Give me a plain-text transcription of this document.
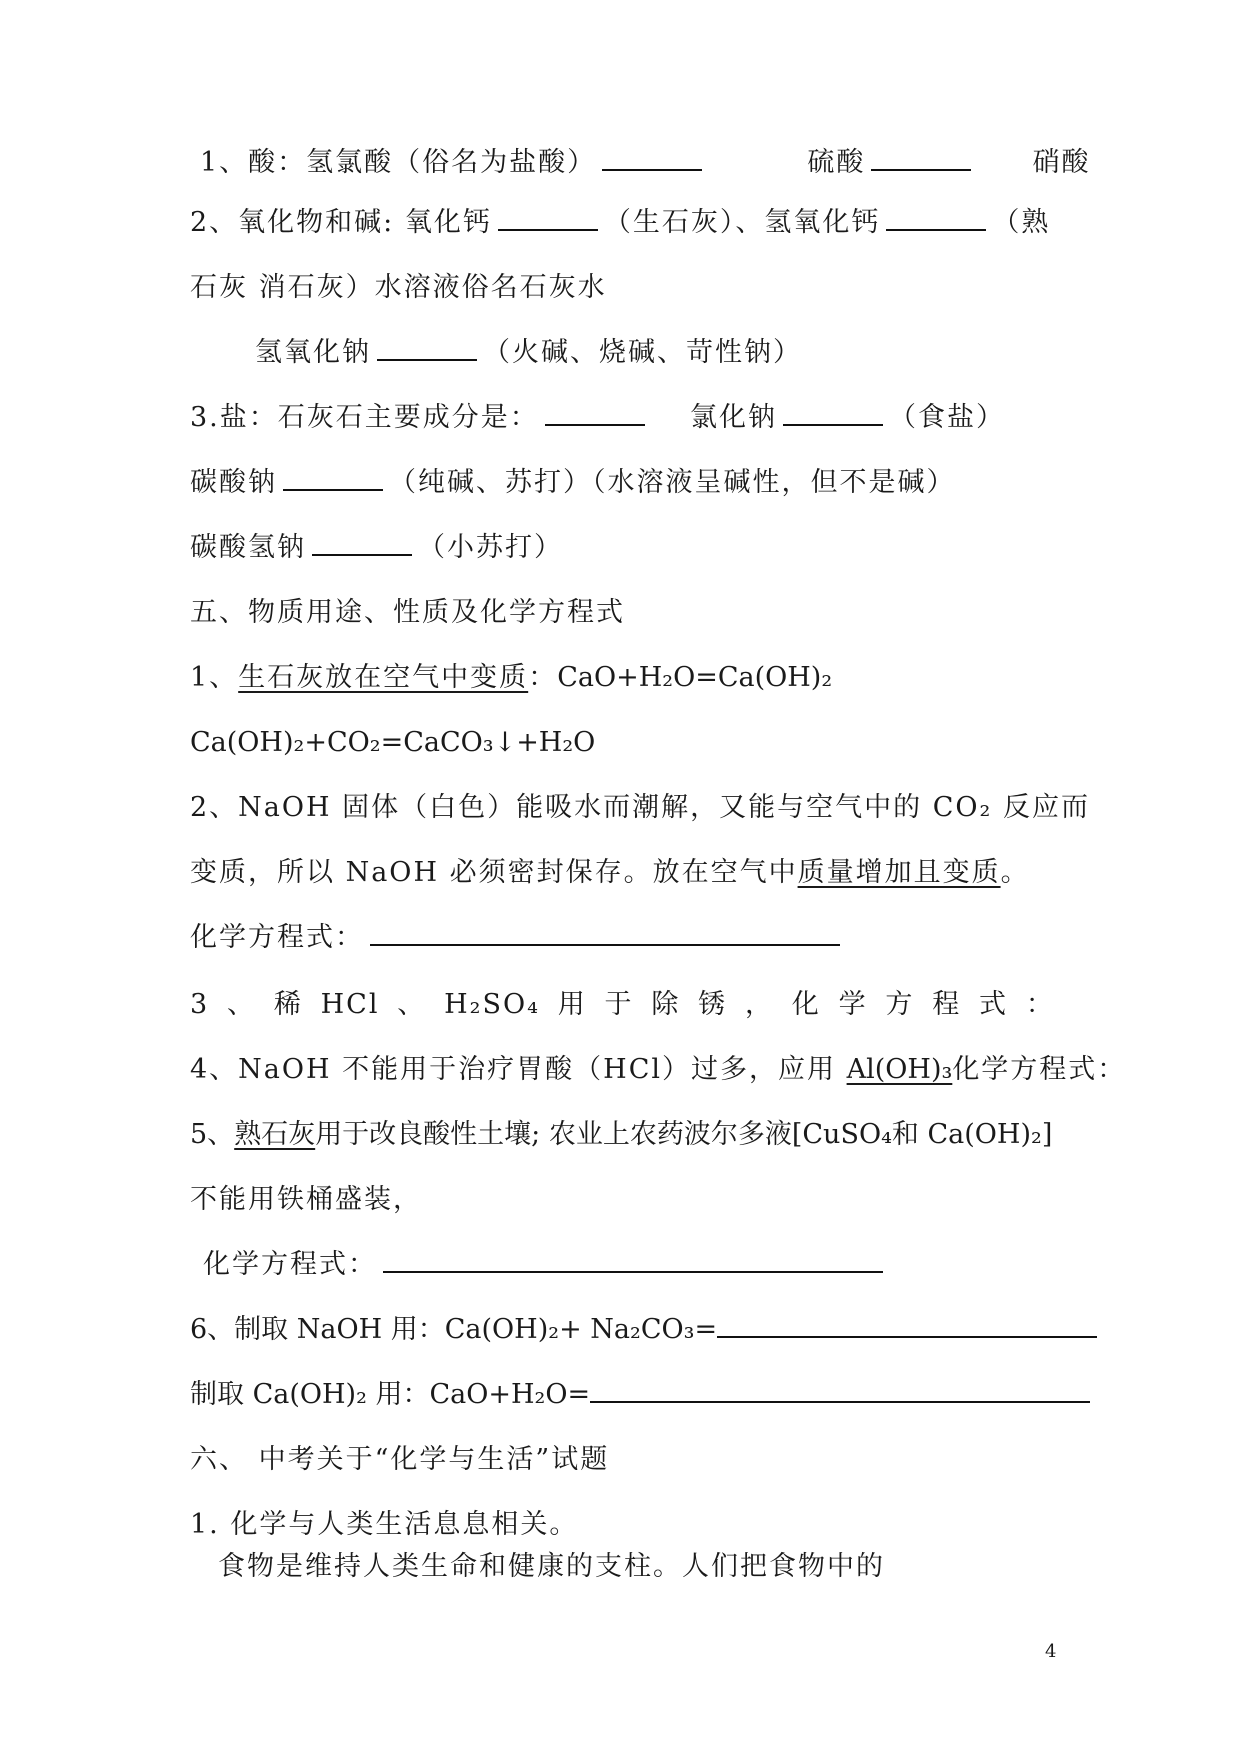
1、酸：氢氯酸（俗名为盐酸）	硫酸	硝酸

2、氧化物和碱: 氧化钙	（生石灰）、氢氧化钙	（熟

石灰 消石灰）水溶液俗名石灰水

氢氧化钠	（火碱、烧碱、苛性钠）

3.盐：石灰石主要成分是：	氯化钠	（食盐）

碳酸钠	（纯碱、苏打）（水溶液呈碱性，但不是碱）

碳酸氢钠	（小苏打）

五、物质用途、性质及化学方程式

1、生石灰放在空气中变质：CaO+H₂O=Ca(OH)₂

Ca(OH)₂+CO₂=CaCO₃↓+H₂O

2、NaOH 固体（白色）能吸水而潮解，又能与空气中的 CO₂ 反应而

变质，所以 NaOH 必须密封保存。放在空气中质量增加且变质。

化学方程式：

3 、 稀 HCl 、 H₂SO₄ 用 于 除 锈 ， 化 学 方 程 式 ：

4、NaOH 不能用于治疗胃酸（HCl）过多，应用 Al(OH)₃化学方程式：

5、熟石灰用于改良酸性土壤; 农业上农药波尔多液[CuSO₄和 Ca(OH)₂]

不能用铁桶盛装，

化学方程式：

6、制取 NaOH 用：Ca(OH)₂+ Na₂CO₃=

制取 Ca(OH)₂ 用：CaO+H₂O=

六、 中考关于“化学与生活”试题

1. 化学与人类生活息息相关。

食物是维持人类生命和健康的支柱。人们把食物中的

4
